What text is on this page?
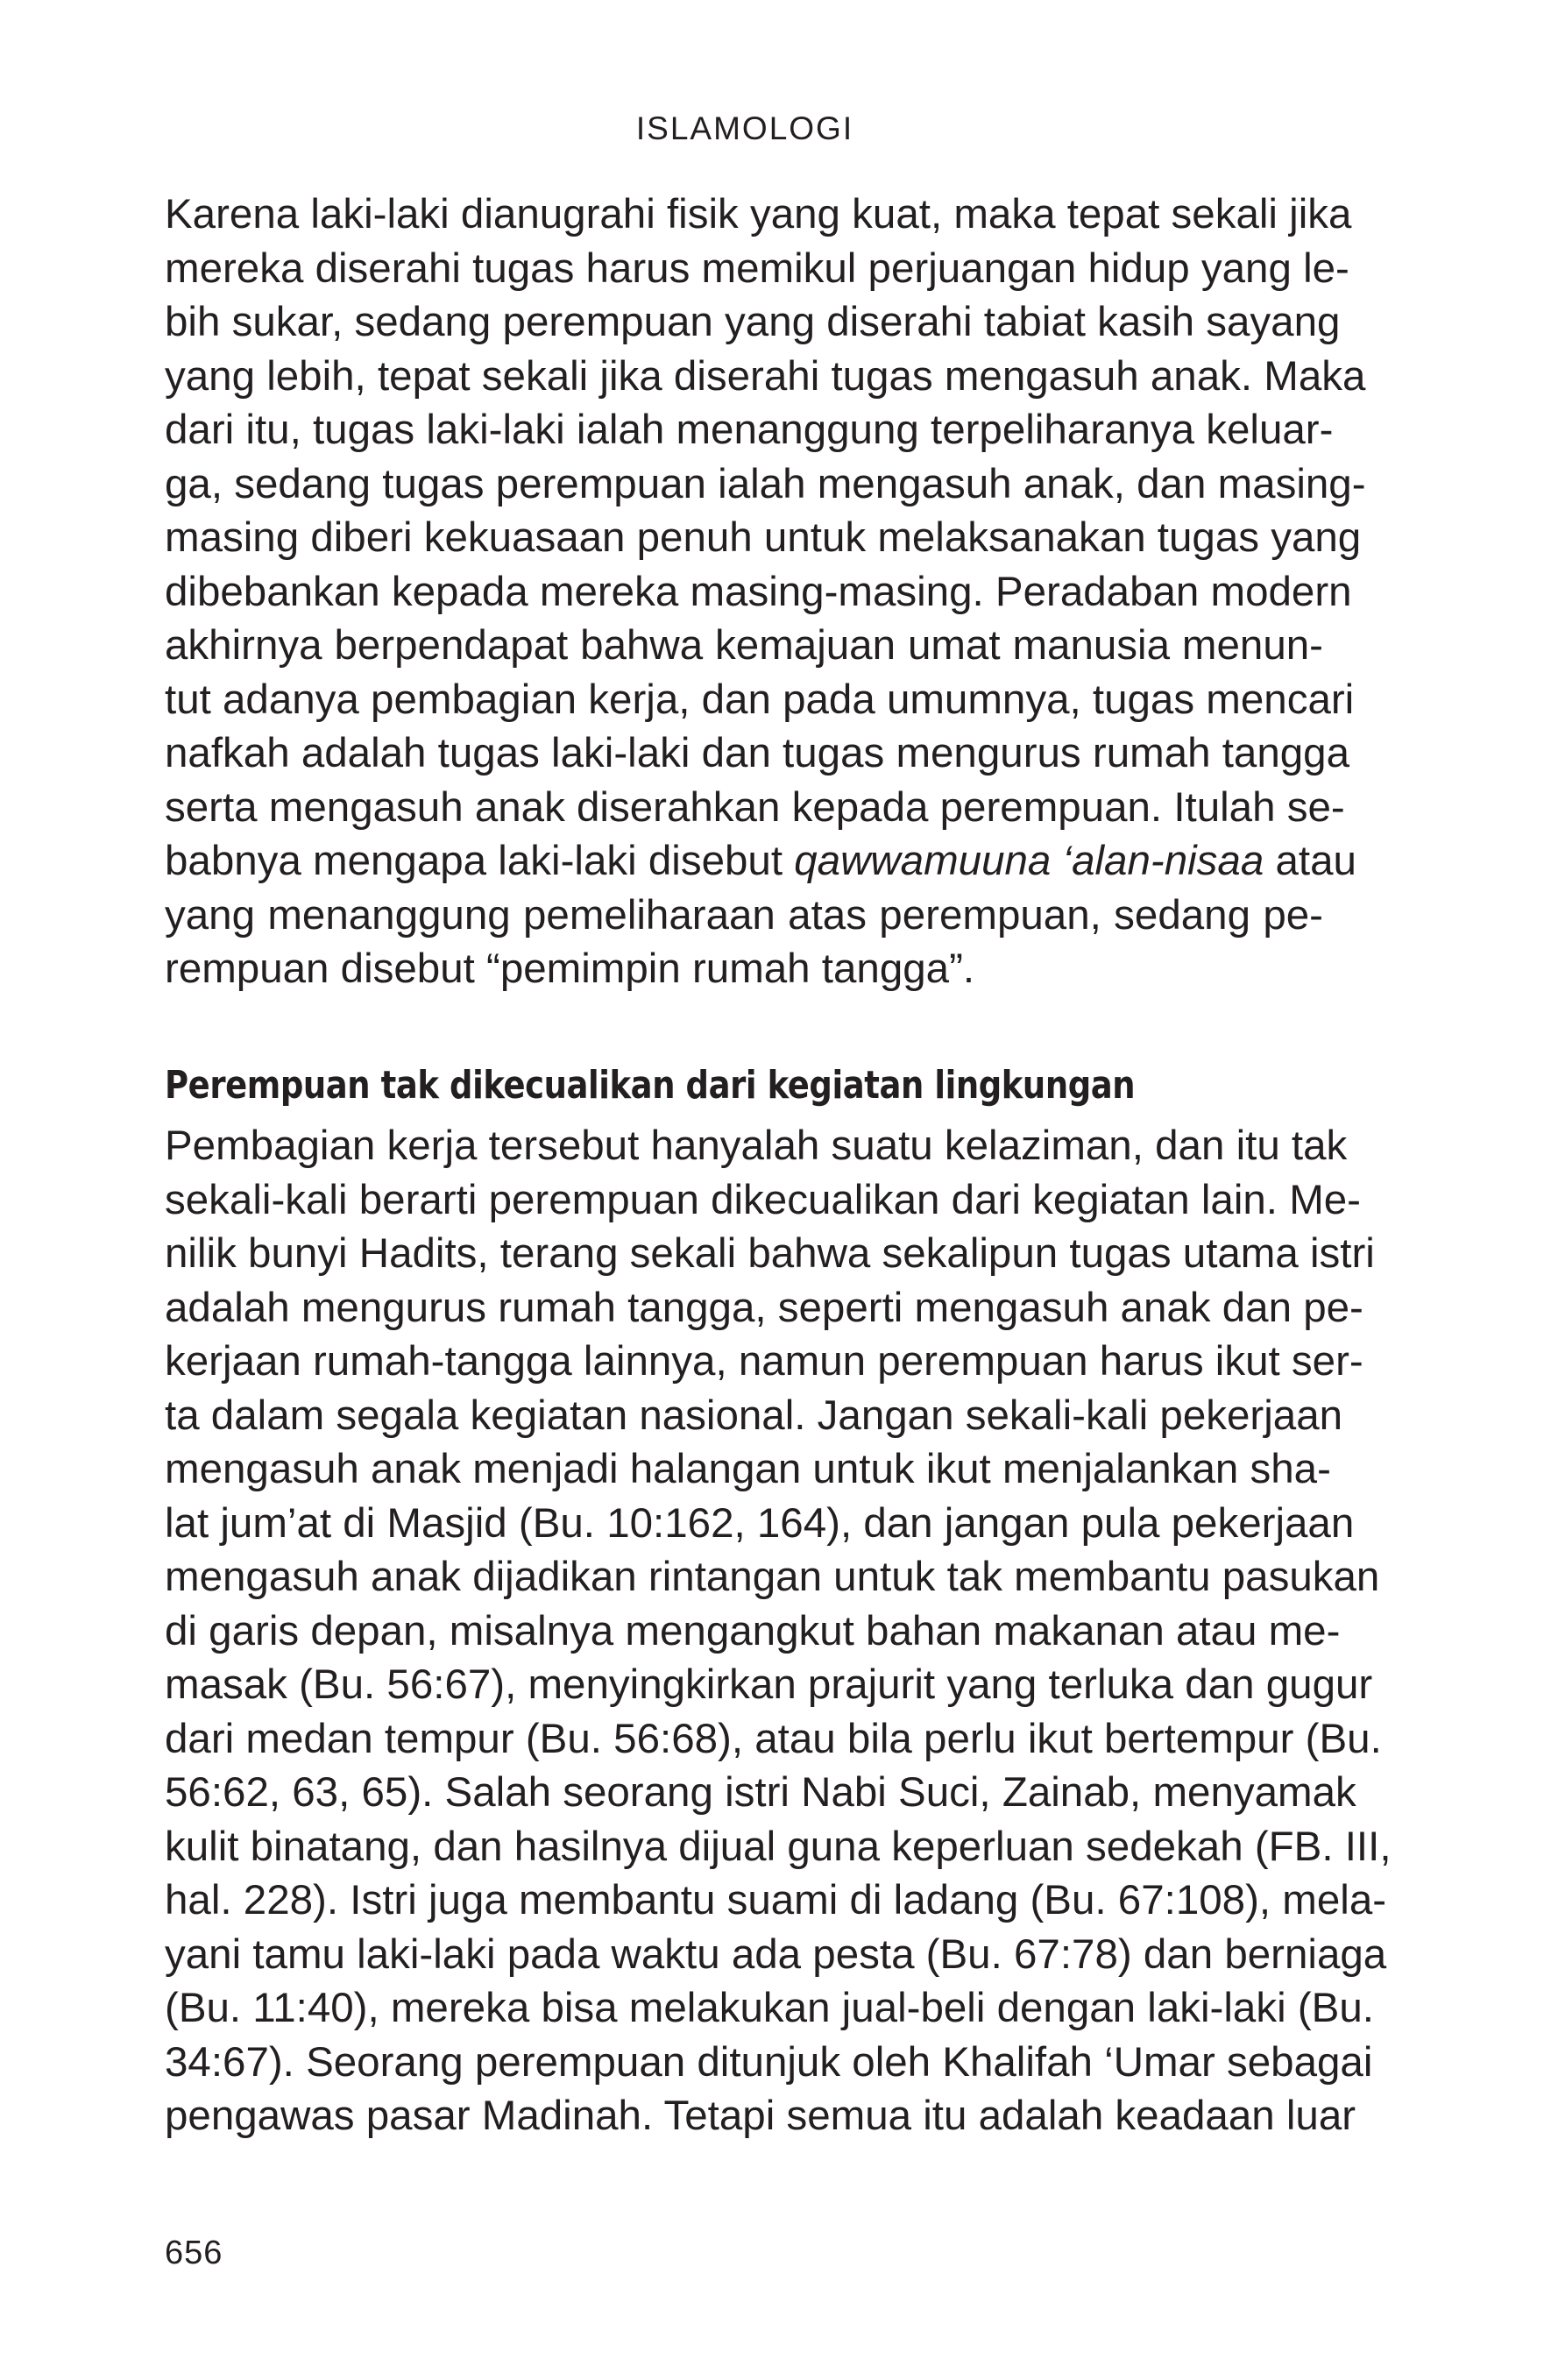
ISLAMOLOGI
Karena laki-laki dianugrahi fisik yang kuat, maka tepat sekali jika
mereka diserahi tugas harus memikul perjuangan hidup yang le-
bih sukar, sedang perempuan yang diserahi tabiat kasih sayang
yang lebih, tepat sekali jika diserahi tugas mengasuh anak. Maka
dari itu, tugas laki-laki ialah menanggung terpeliharanya keluar-
ga, sedang tugas perempuan ialah mengasuh anak, dan masing-
masing diberi kekuasaan penuh untuk melaksanakan tugas yang
dibebankan kepada mereka masing-masing. Peradaban modern
akhirnya berpendapat bahwa kemajuan umat manusia menun-
tut adanya pembagian kerja, dan pada umumnya, tugas mencari
nafkah adalah tugas laki-laki dan tugas mengurus rumah tangga
serta mengasuh anak diserahkan kepada perempuan. Itulah se-
babnya mengapa laki-laki disebut qawwamuuna ‘alan-nisaa atau
yang menanggung pemeliharaan atas perempuan, sedang pe-
rempuan disebut “pemimpin rumah tangga”.
Perempuan tak dikecualikan dari kegiatan lingkungan
Pembagian kerja tersebut hanyalah suatu kelaziman, dan itu tak
sekali-kali berarti perempuan dikecualikan dari kegiatan lain. Me-
nilik bunyi Hadits, terang sekali bahwa sekalipun tugas utama istri
adalah mengurus rumah tangga, seperti mengasuh anak dan pe-
kerjaan rumah-tangga lainnya, namun perempuan harus ikut ser-
ta dalam segala kegiatan nasional. Jangan sekali-kali pekerjaan
mengasuh anak menjadi halangan untuk ikut menjalankan sha-
lat jum’at di Masjid (Bu. 10:162, 164), dan jangan pula pekerjaan
mengasuh anak dijadikan rintangan untuk tak membantu pasukan
di garis depan, misalnya mengangkut bahan makanan atau me-
masak (Bu. 56:67), menyingkirkan prajurit yang terluka dan gugur
dari medan tempur (Bu. 56:68), atau bila perlu ikut bertempur (Bu.
56:62, 63, 65). Salah seorang istri Nabi Suci, Zainab, menyamak
kulit binatang, dan hasilnya dijual guna keperluan sedekah (FB. III,
hal. 228). Istri juga membantu suami di ladang (Bu. 67:108), mela-
yani tamu laki-laki pada waktu ada pesta (Bu. 67:78) dan berniaga
(Bu. 11:40), mereka bisa melakukan jual-beli dengan laki-laki (Bu.
34:67). Seorang perempuan ditunjuk oleh Khalifah ‘Umar sebagai
pengawas pasar Madinah. Tetapi semua itu adalah keadaan luar
656
